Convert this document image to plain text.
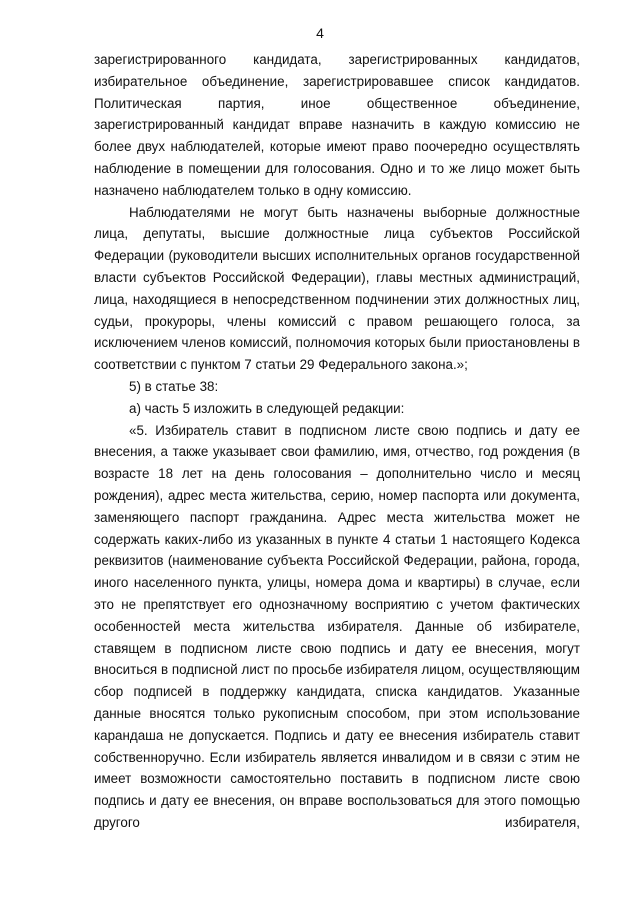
4
зарегистрированного кандидата, зарегистрированных кандидатов,
избирательное объединение, зарегистрировавшее список кандидатов.
Политическая партия, иное общественное объединение, зарегистрированный кандидат вправе назначить в каждую комиссию не более двух наблюдателей, которые имеют право поочередно осуществлять наблюдение в помещении для голосования. Одно и то же лицо может быть назначено наблюдателем только в одну комиссию.

Наблюдателями не могут быть назначены выборные должностные лица, депутаты, высшие должностные лица субъектов Российской Федерации (руководители высших исполнительных органов государственной власти субъектов Российской Федерации), главы местных администраций, лица, находящиеся в непосредственном подчинении этих должностных лиц, судьи, прокуроры, члены комиссий с правом решающего голоса, за исключением членов комиссий, полномочия которых были приостановлены в соответствии с пунктом 7 статьи 29 Федерального закона.»;

5) в статье 38:

а) часть 5 изложить в следующей редакции:

«5. Избиратель ставит в подписном листе свою подпись и дату ее внесения, а также указывает свои фамилию, имя, отчество, год рождения (в возрасте 18 лет на день голосования – дополнительно число и месяц рождения), адрес места жительства, серию, номер паспорта или документа, заменяющего паспорт гражданина. Адрес места жительства может не содержать каких-либо из указанных в пункте 4 статьи 1 настоящего Кодекса реквизитов (наименование субъекта Российской Федерации, района, города, иного населенного пункта, улицы, номера дома и квартиры) в случае, если это не препятствует его однозначному восприятию с учетом фактических особенностей места жительства избирателя. Данные об избирателе, ставящем в подписном листе свою подпись и дату ее внесения, могут вноситься в подписной лист по просьбе избирателя лицом, осуществляющим сбор подписей в поддержку кандидата, списка кандидатов. Указанные данные вносятся только рукописным способом, при этом использование карандаша не допускается. Подпись и дату ее внесения избиратель ставит собственноручно. Если избиратель является инвалидом и в связи с этим не имеет возможности самостоятельно поставить в подписном листе свою подпись и дату ее внесения, он вправе воспользоваться для этого помощью другого избирателя,
